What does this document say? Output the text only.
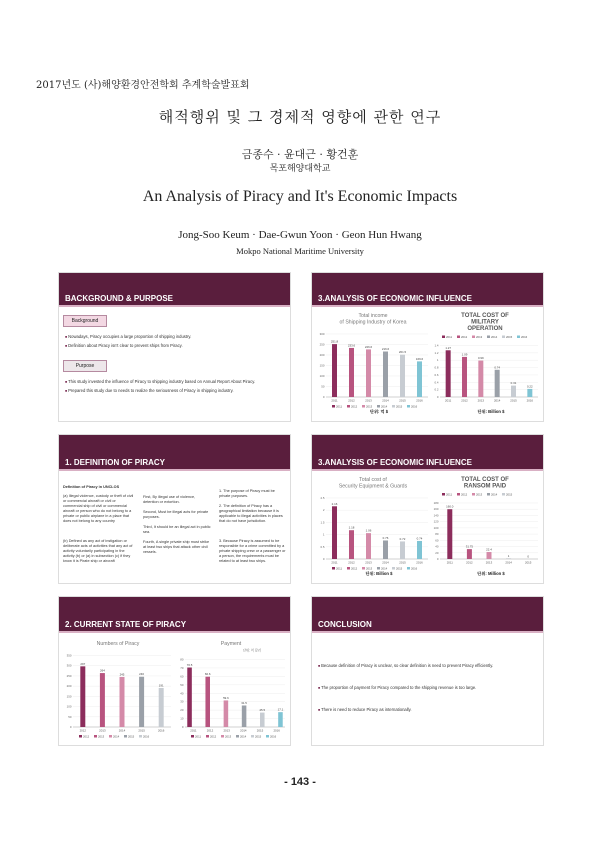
2017년도 (사)해양환경안전학회 추계학술발표회
해적행위 및 그 경제적 영향에 관한 연구
금종수 · 윤대근 · 황건훈
목포해양대학교
An Analysis of Piracy and It's Economic Impacts
Jong-Soo Keum · Dae-Gwun Yoon · Geon Hun Hwang
Mokpo National Maritime University
BACKGROUND & PURPOSE
Background
■ Nowadays, Piracy occupies a large proportion of shipping industry.
■ Definition about Piracy isn't clear to prevent ships from Piracy.
Purpose
■ This study invested the influence of Piracy to shipping industry based on Annual Report About Piracy.
■ Prepared this study due to needs to realize the seriousness of Piracy in shipping industry.
3.ANALYSIS OF ECONOMIC INFLUENCE
Total income of Shipping Industry of Korea
300
250
200
150
100
50
0
251.8
233.6	226.6
216.6
201.5
169.6
2011	2012	2013	2014	2015	2016
2011	2012	2013	2014	2015	2016
단위: 억 $
TOTAL COST OF MILITARY OPERATION
2011	2012	2013	2014	2015	2016
1.4
1.2
1
0.8
0.6
0.4
0.2
0
1.27
1.09
0.99
0.74
0.31
0.22
2011	2012	2013	2014	2015	2016
단위: Billion $
1. DEFINITION OF PIRACY
Definition of Piracy in UNCLOS
(a) Illegal violence, custody or theft of civil or commercial aircraft or civil or commercial ship of civil or commercial aircraft or person who do not belong to a private or public airplane in a place that does not belong to any country
(b) Defined as any act of instigation or deliberate acts of activities that any act of activity voluntarily participating in the activity (b) or (a) in subsection (c) if they know it is Pirate ship or aircraft
First, By illegal use of violence, detention or extortion.
Second, Must be illegal acts for private purposes.
Third, It should be an illegal act in public sea.
Fourth, A single private ship must strike at least two ships that attack other civil vessels.
1. The purpose of Piracy must be private purposes.
2. The definition of Piracy has a geographical limitation because it is applicable to illegal activities in places that do not have jurisdiction.
3. Because Piracy is assumed to be responsible for a crime committed by a private shipping crew or a passenger or a person, the requirements must be related to at least two ships.
3.ANALYSIS OF ECONOMIC INFLUENCE
Total cost of Security Equipment & Guards
2.5
2
1.5
1
0.5
0
2.16
1.18
1.06
0.76	0.72	0.74
2011	2012	2013	2014	2015	2016
2011	2012	2013	2014	2015	2016
단위: Billion $
TOTAL COST OF RANSOM PAID
2011	2012	2013	2014	2015
180
160
140
120
100
80
60
40
20
0
160.0
31.75
22.4
1	0
2011	2012	2013	2014	2015
단위: Million $
2. CURRENT STATE OF PIRACY
Numbers of Piracy
350
300
250
200
150
100
50
0
297
264
245	246
191
2012	2013	2014	2015	2016
2012	2013	2014	2015	2016
Payment
단위: 억 달러
80
70
60
50
40
30
20
10
0
70.5
60.6
59.6
31.5
25.5	17.1
2011	2012	2013	2014	2015	2016
2011	2012	2013	2014	2015	2016
CONCLUSION
■ Because definition of Piracy is unclear, so clear definition is need to prevent Piracy efficiently.
■ The proportion of payment for Piracy compared to the shipping revenue is too large.
■ There is need to reduce Piracy as internationally.
- 143 -
